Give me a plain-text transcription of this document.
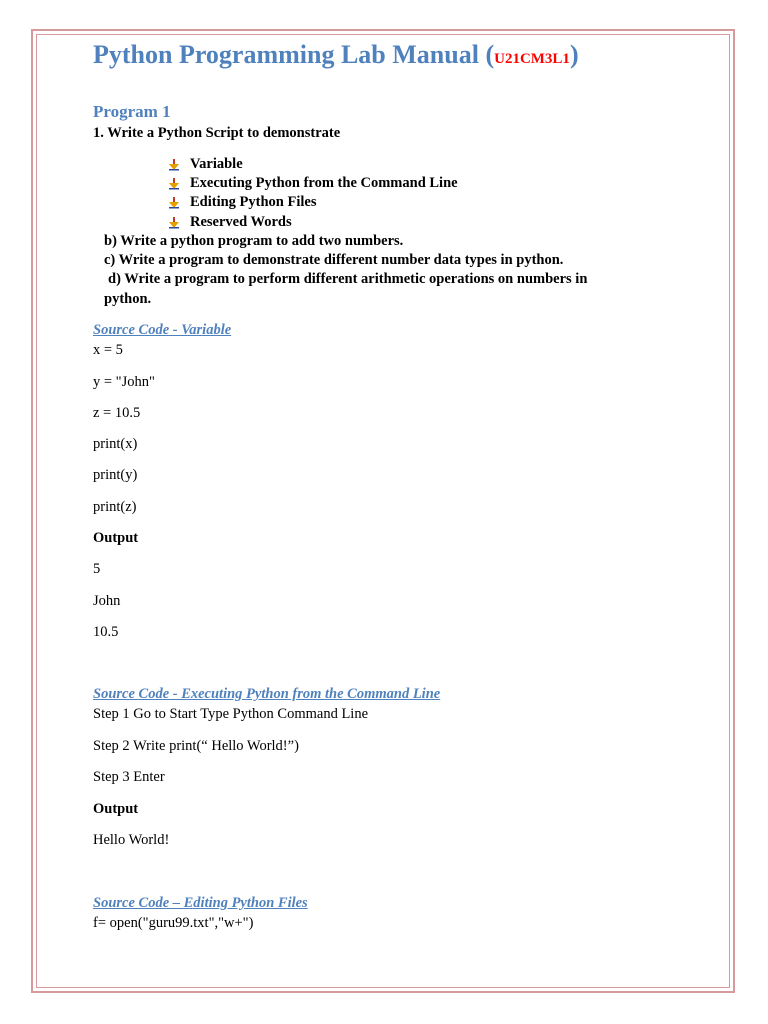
Python Programming Lab Manual (U21CM3L1)
Program 1
1. Write a Python Script to demonstrate
Variable
Executing Python from the Command Line
Editing Python Files
Reserved Words
b) Write a python program to add two numbers.
c) Write a program to demonstrate different number data types in python.
d) Write a program to perform different arithmetic operations on numbers in
python.
Source Code - Variable
x = 5
y = "John"
z = 10.5
print(x)
print(y)
print(z)
Output
5
John
10.5
Source Code - Executing Python from the Command Line
Step 1 Go to Start Type Python Command Line
Step 2 Write print(“ Hello World!”)
Step 3 Enter
Output
Hello World!
Source Code – Editing Python Files
f= open("guru99.txt","w+")
